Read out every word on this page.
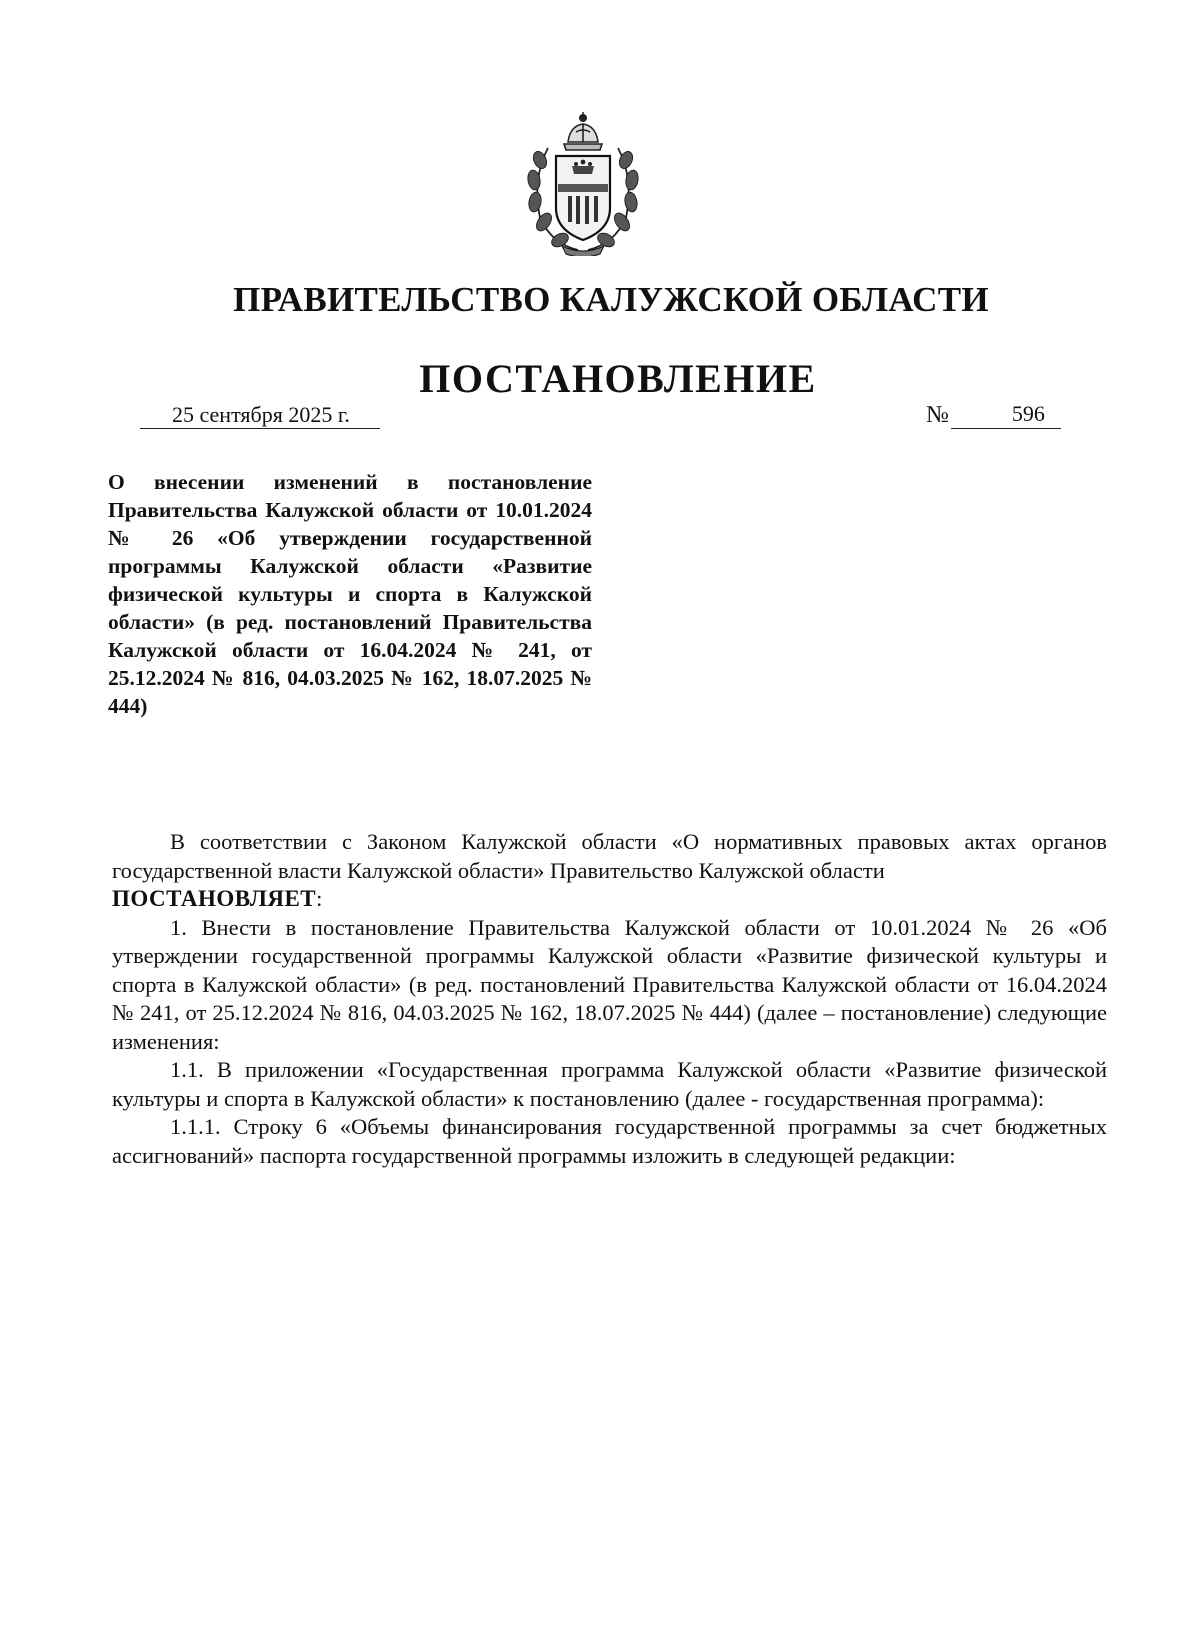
ПРАВИТЕЛЬСТВО КАЛУЖСКОЙ ОБЛАСТИ
ПОСТАНОВЛЕНИЕ
25 сентября 2025 г.	№	596
О внесении изменений в постановление Правительства Калужской области от 10.01.2024 № 26 «Об утверждении государственной программы Калужской области «Развитие физической культуры и спорта в Калужской области» (в ред. постановлений Правительства Калужской области от 16.04.2024 № 241, от 25.12.2024 № 816, 04.03.2025 № 162, 18.07.2025 № 444)

В соответствии с Законом Калужской области «О нормативных правовых актах органов государственной власти Калужской области» Правительство Калужской области

ПОСТАНОВЛЯЕТ:

1. Внести в постановление Правительства Калужской области от 10.01.2024 № 26 «Об утверждении государственной программы Калужской области «Развитие физической культуры и спорта в Калужской области» (в ред. постановлений Правительства Калужской области от 16.04.2024 № 241, от 25.12.2024 № 816, 04.03.2025 № 162, 18.07.2025 № 444) (далее – постановление) следующие изменения:

1.1. В приложении «Государственная программа Калужской области «Развитие физической культуры и спорта в Калужской области» к постановлению (далее - государственная программа):

1.1.1. Строку 6 «Объемы финансирования государственной программы за счет бюджетных ассигнований» паспорта государственной программы изложить в следующей редакции:
